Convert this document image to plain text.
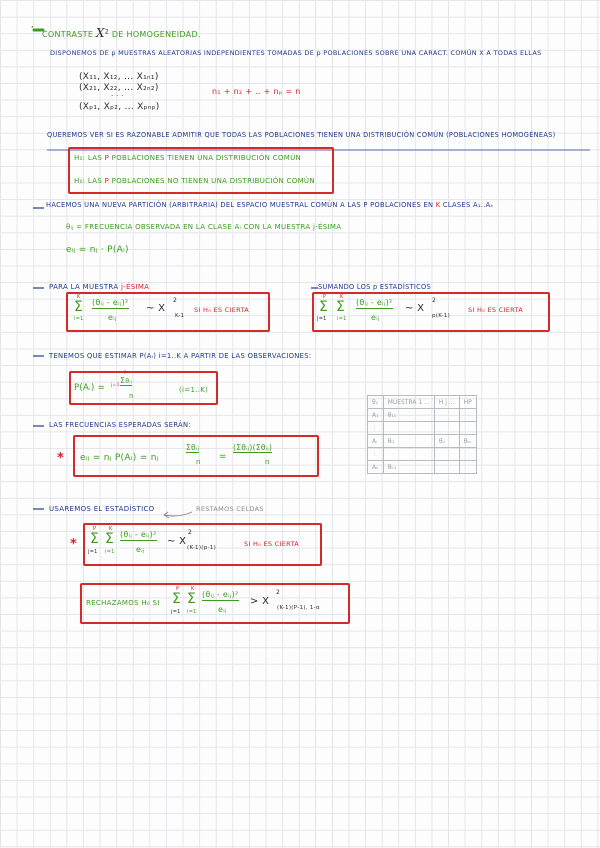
CONTRASTE $X^2$ DE HOMOGENEIDAD.
DISPONEMOS DE p MUESTRAS ALEATORIAS INDEPENDIENTES TOMADAS DE p POBLACIONES SOBRE UNA CARACT. COMÚN X A TODAS ELLAS
(X₁₁, X₁₂, ... X₁ₙ₁)
(X₂₁, X₂₂, ... X₂ₙ₂)
· · ·
(Xₚ₁, Xₚ₂, ... Xₚₙₚ)
n₁ + n₂ + .. + nₚ = n
QUEREMOS VER SI ES RAZONABLE ADMITIR QUE TODAS LAS POBLACIONES TIENEN UNA DISTRIBUCIÓN COMÚN (POBLACIONES HOMOGÉNEAS)
H₀: LAS P POBLACIONES TIENEN UNA DISTRIBUCIÓN COMÚN
H₀: LAS P POBLACIONES NO TIENEN UNA DISTRIBUCIÓN COMÚN
HACEMOS UNA NUEVA PARTICIÓN (ARBITRARIA) DEL ESPACIO MUESTRAL COMÚN A LAS P POBLACIONES EN K CLASES A₁..Aₖ
θᵢⱼ = FRECUENCIA OBSERVADA EN LA CLASE Aᵢ CON LA MUESTRA j-ÉSIMA
eᵢⱼ = nⱼ · P(Aᵢ)
PARA LA MUESTRA j-ÉSIMA
K
Σ
i=1
(θᵢⱼ - eᵢⱼ)²
eᵢⱼ
~ X
2
K-1
SI H₀ ES CIERTA
SUMANDO LOS p ESTADÍSTICOS
P
Σ
j=1
K
Σ
i=1
(θᵢⱼ - eᵢⱼ)²
eᵢⱼ
~ X
2
p(K-1)
SI H₀ ES CIERTA
TENEMOS QUE ESTIMAR P(Aᵢ) i=1..K A PARTIR DE LAS OBSERVACIONES:
P(Aᵢ) =
P
Σθᵢⱼ
j=1
n
(i=1..K)
θᵢⱼ	MUESTRA 1 ...	H j ...	HP
A₁	θ₁₁		
⋮			
Aᵢ	θᵢ₁	θᵢⱼ	θᵢₚ
⋮			
Aₖ	θₖ₁		
LAS FRECUENCIAS ESPERADAS SERÁN:
* eᵢⱼ = nⱼ P(Aᵢ) = nⱼ
Σθᵢⱼ
n =
(Σθᵢⱼ)(Σθᵢⱼ)
n
USAREMOS EL ESTADÍSTICO	RESTAMOS CELDAS
*
P
Σ
j=1
K
Σ
i=1
(θᵢⱼ - eᵢⱼ)²
eᵢⱼ
~ X
2
(K-1)(p-1)	SI H₀ ES CIERTA
RECHAZAMOS H₀ SI
P
Σ
j=1
K
Σ
i=1
(θᵢⱼ - eᵢⱼ)²
eᵢⱼ
> X
2
(K-1)(P-1), 1-α
·
